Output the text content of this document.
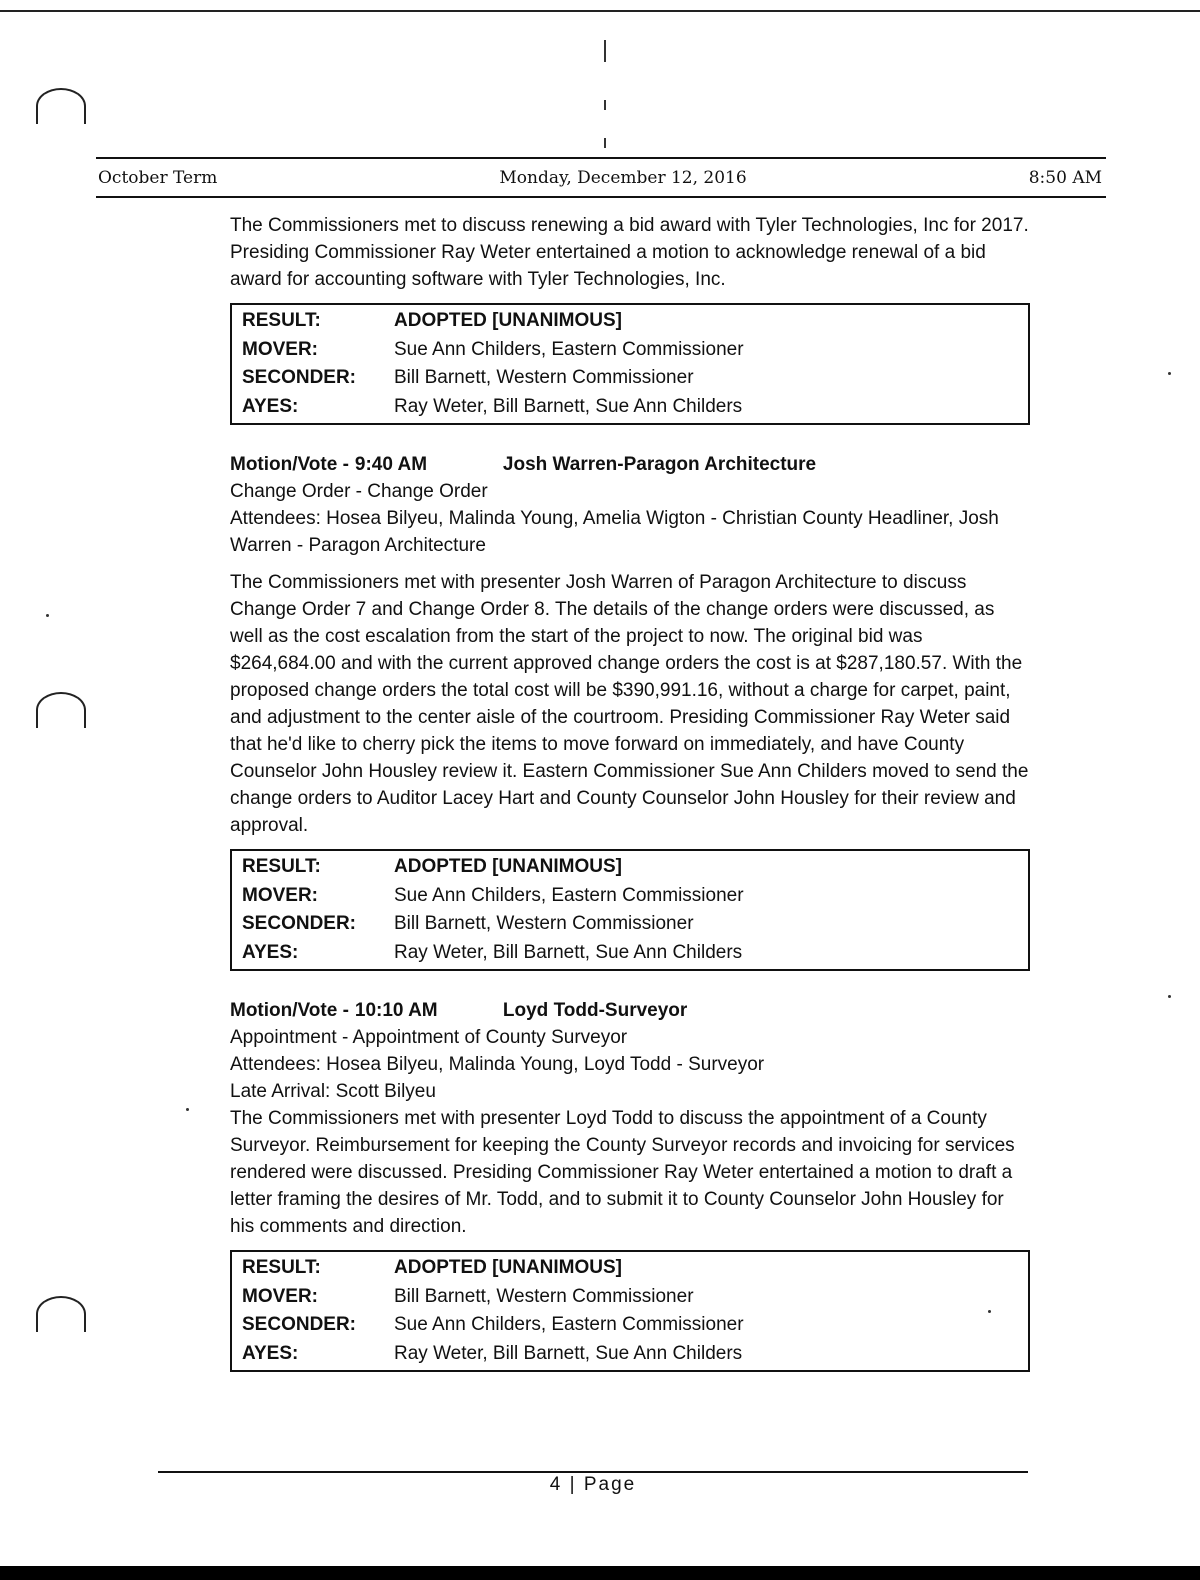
October Term	Monday, December 12, 2016	8:50 AM

The Commissioners met to discuss renewing a bid award with Tyler Technologies, Inc for 2017. Presiding Commissioner Ray Weter entertained a motion to acknowledge renewal of a bid award for accounting software with Tyler Technologies, Inc.

RESULT:	ADOPTED [UNANIMOUS]
MOVER:	Sue Ann Childers, Eastern Commissioner
SECONDER:	Bill Barnett, Western Commissioner
AYES:	Ray Weter, Bill Barnett, Sue Ann Childers
Motion/Vote - 9:40 AM	Josh Warren-Paragon Architecture

Change Order - Change Order

Attendees: Hosea Bilyeu, Malinda Young, Amelia Wigton - Christian County Headliner, Josh Warren - Paragon Architecture

The Commissioners met with presenter Josh Warren of Paragon Architecture to discuss Change Order 7 and Change Order 8. The details of the change orders were discussed, as well as the cost escalation from the start of the project to now. The original bid was $264,684.00 and with the current approved change orders the cost is at $287,180.57. With the proposed change orders the total cost will be $390,991.16, without a charge for carpet, paint, and adjustment to the center aisle of the courtroom. Presiding Commissioner Ray Weter said that he'd like to cherry pick the items to move forward on immediately, and have County Counselor John Housley review it. Eastern Commissioner Sue Ann Childers moved to send the change orders to Auditor Lacey Hart and County Counselor John Housley for their review and approval.

RESULT:	ADOPTED [UNANIMOUS]
MOVER:	Sue Ann Childers, Eastern Commissioner
SECONDER:	Bill Barnett, Western Commissioner
AYES:	Ray Weter, Bill Barnett, Sue Ann Childers
Motion/Vote - 10:10 AM	Loyd Todd-Surveyor

Appointment - Appointment of County Surveyor

Attendees: Hosea Bilyeu, Malinda Young, Loyd Todd - Surveyor

Late Arrival: Scott Bilyeu

The Commissioners met with presenter Loyd Todd to discuss the appointment of a County Surveyor. Reimbursement for keeping the County Surveyor records and invoicing for services rendered were discussed. Presiding Commissioner Ray Weter entertained a motion to draft a letter framing the desires of Mr. Todd, and to submit it to County Counselor John Housley for his comments and direction.

RESULT:	ADOPTED [UNANIMOUS]
MOVER:	Bill Barnett, Western Commissioner
SECONDER:	Sue Ann Childers, Eastern Commissioner
AYES:	Ray Weter, Bill Barnett, Sue Ann Childers
4 | Page
